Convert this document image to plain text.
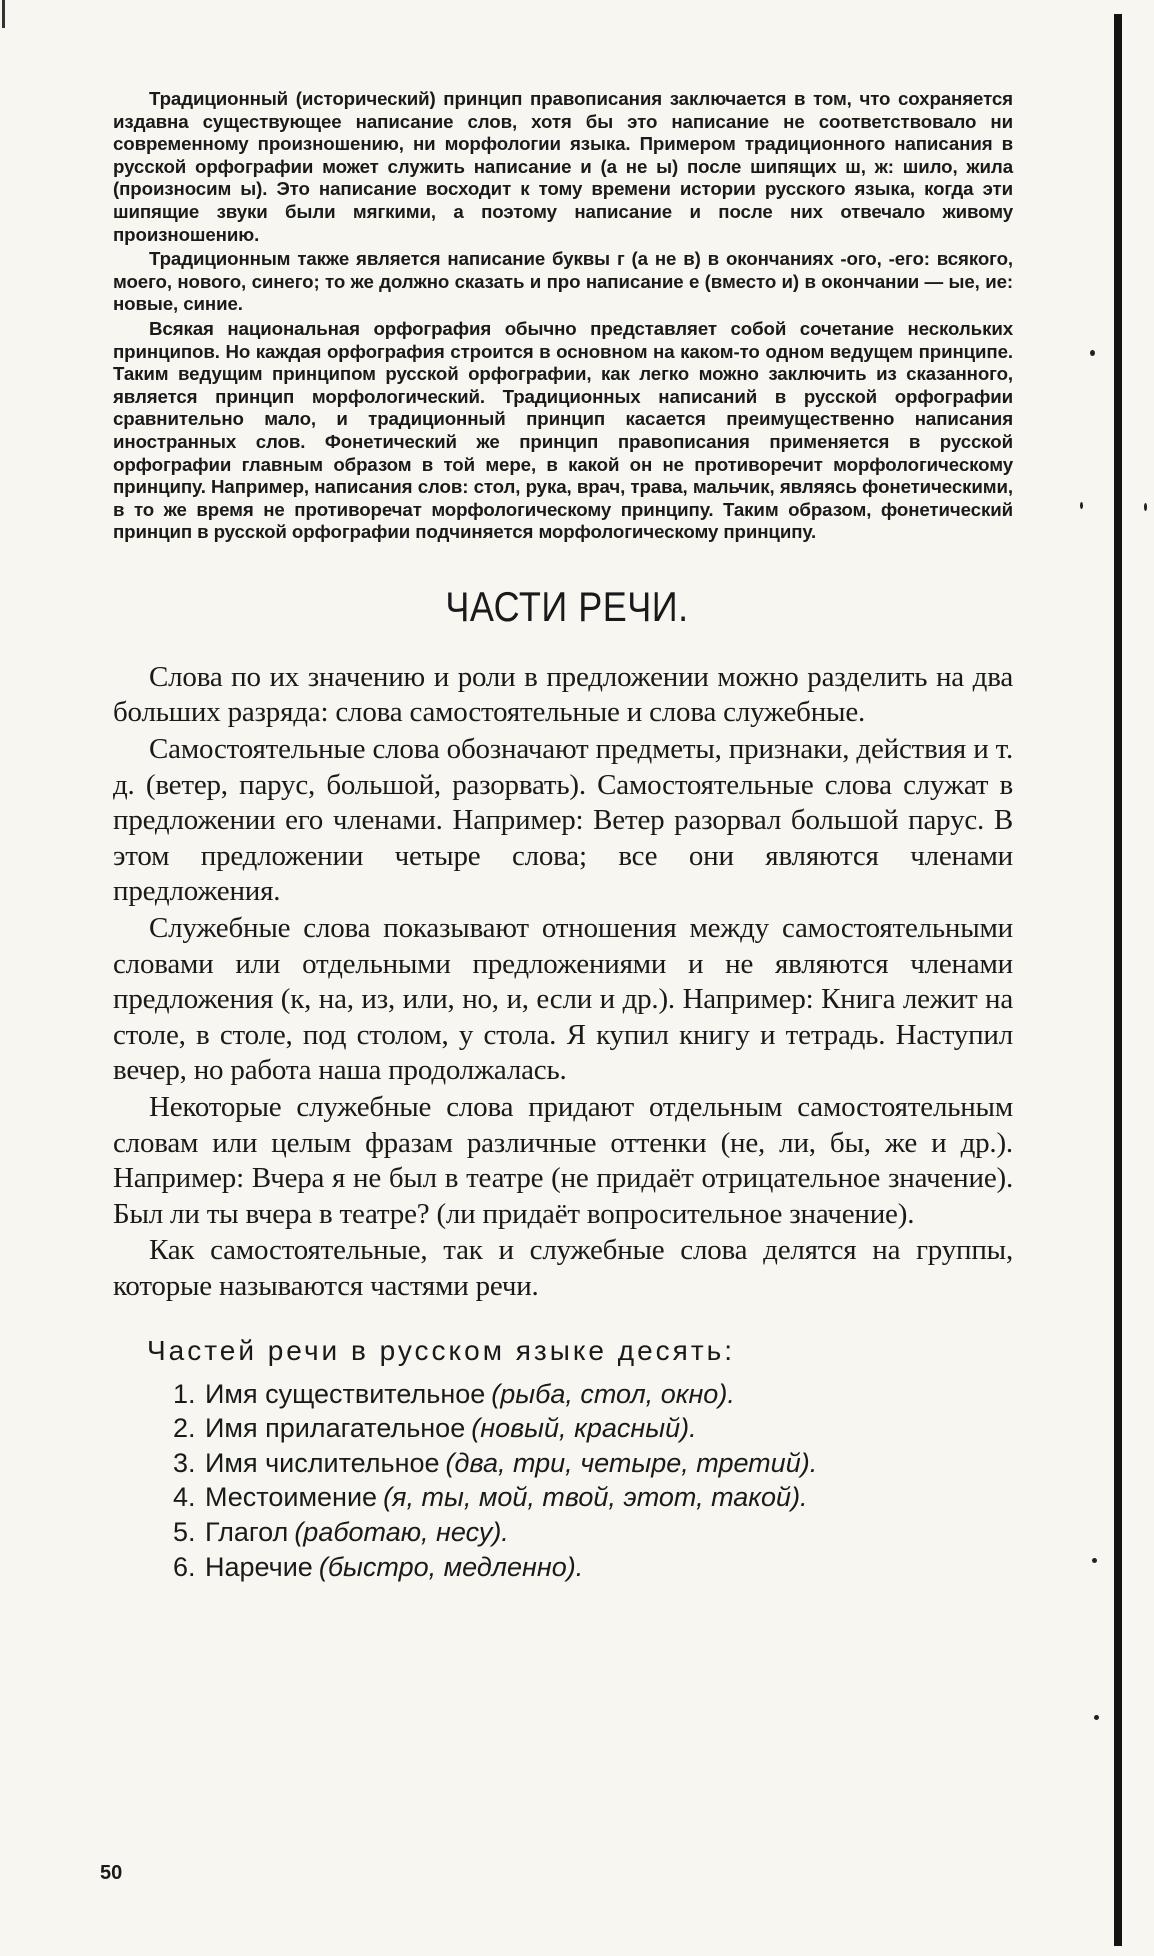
Традиционный (исторический) принцип правописания заключается в том, что сохраняется издавна существующее написание слов, хотя бы это написание не соответствовало ни современному произношению, ни морфологии языка. Примером традиционного написания в русской орфографии может служить написание и (а не ы) после шипящих ш, ж: шило, жила (произносим ы). Это написание восходит к тому времени истории русского языка, когда эти шипящие звуки были мягкими, а поэтому написание и после них отвечало живому произношению.

Традиционным также является написание буквы г (а не в) в окончаниях -ого, -его: всякого, моего, нового, синего; то же должно сказать и про написание е (вместо и) в окончании — ые, ие: новые, синие.

Всякая национальная орфография обычно представляет собой сочетание нескольких принципов. Но каждая орфография строится в основном на каком-то одном ведущем принципе. Таким ведущим принципом русской орфографии, как легко можно заключить из сказанного, является принцип морфологический. Традиционных написаний в русской орфографии сравнительно мало, и традиционный принцип касается преимущественно написания иностранных слов. Фонетический же принцип правописания применяется в русской орфографии главным образом в той мере, в какой он не противоречит морфологическому принципу. Например, написания слов: стол, рука, врач, трава, мальчик, являясь фонетическими, в то же время не противоречат морфологическому принципу. Таким образом, фонетический принцип в русской орфографии подчиняется морфологическому принципу.

ЧАСТИ РЕЧИ.

Слова по их значению и роли в предложении можно разделить на два больших разряда: слова самостоятельные и слова служебные.

Самостоятельные слова обозначают предметы, признаки, действия и т. д. (ветер, парус, большой, разорвать). Самостоятельные слова служат в предложении его членами. Например: Ветер разорвал большой парус. В этом предложении четыре слова; все они являются членами предложения.

Служебные слова показывают отношения между самостоятельными словами или отдельными предложениями и не являются членами предложения (к, на, из, или, но, и, если и др.). Например: Книга лежит на столе, в столе, под столом, у стола. Я купил книгу и тетрадь. Наступил вечер, но работа наша продолжалась.

Некоторые служебные слова придают отдельным самостоятельным словам или целым фразам различные оттенки (не, ли, бы, же и др.). Например: Вчера я не был в театре (не придаёт отрицательное значение). Был ли ты вчера в театре? (ли придаёт вопросительное значение).

Как самостоятельные, так и служебные слова делятся на группы, которые называются частями речи.

Частей речи в русском языке десять:
1. Имя существительное (рыба, стол, окно).
2. Имя прилагательное (новый, красный).
3. Имя числительное (два, три, четыре, третий).
4. Местоимение (я, ты, мой, твой, этот, такой).
5. Глагол (работаю, несу).
6. Наречие (быстро, медленно).
50
